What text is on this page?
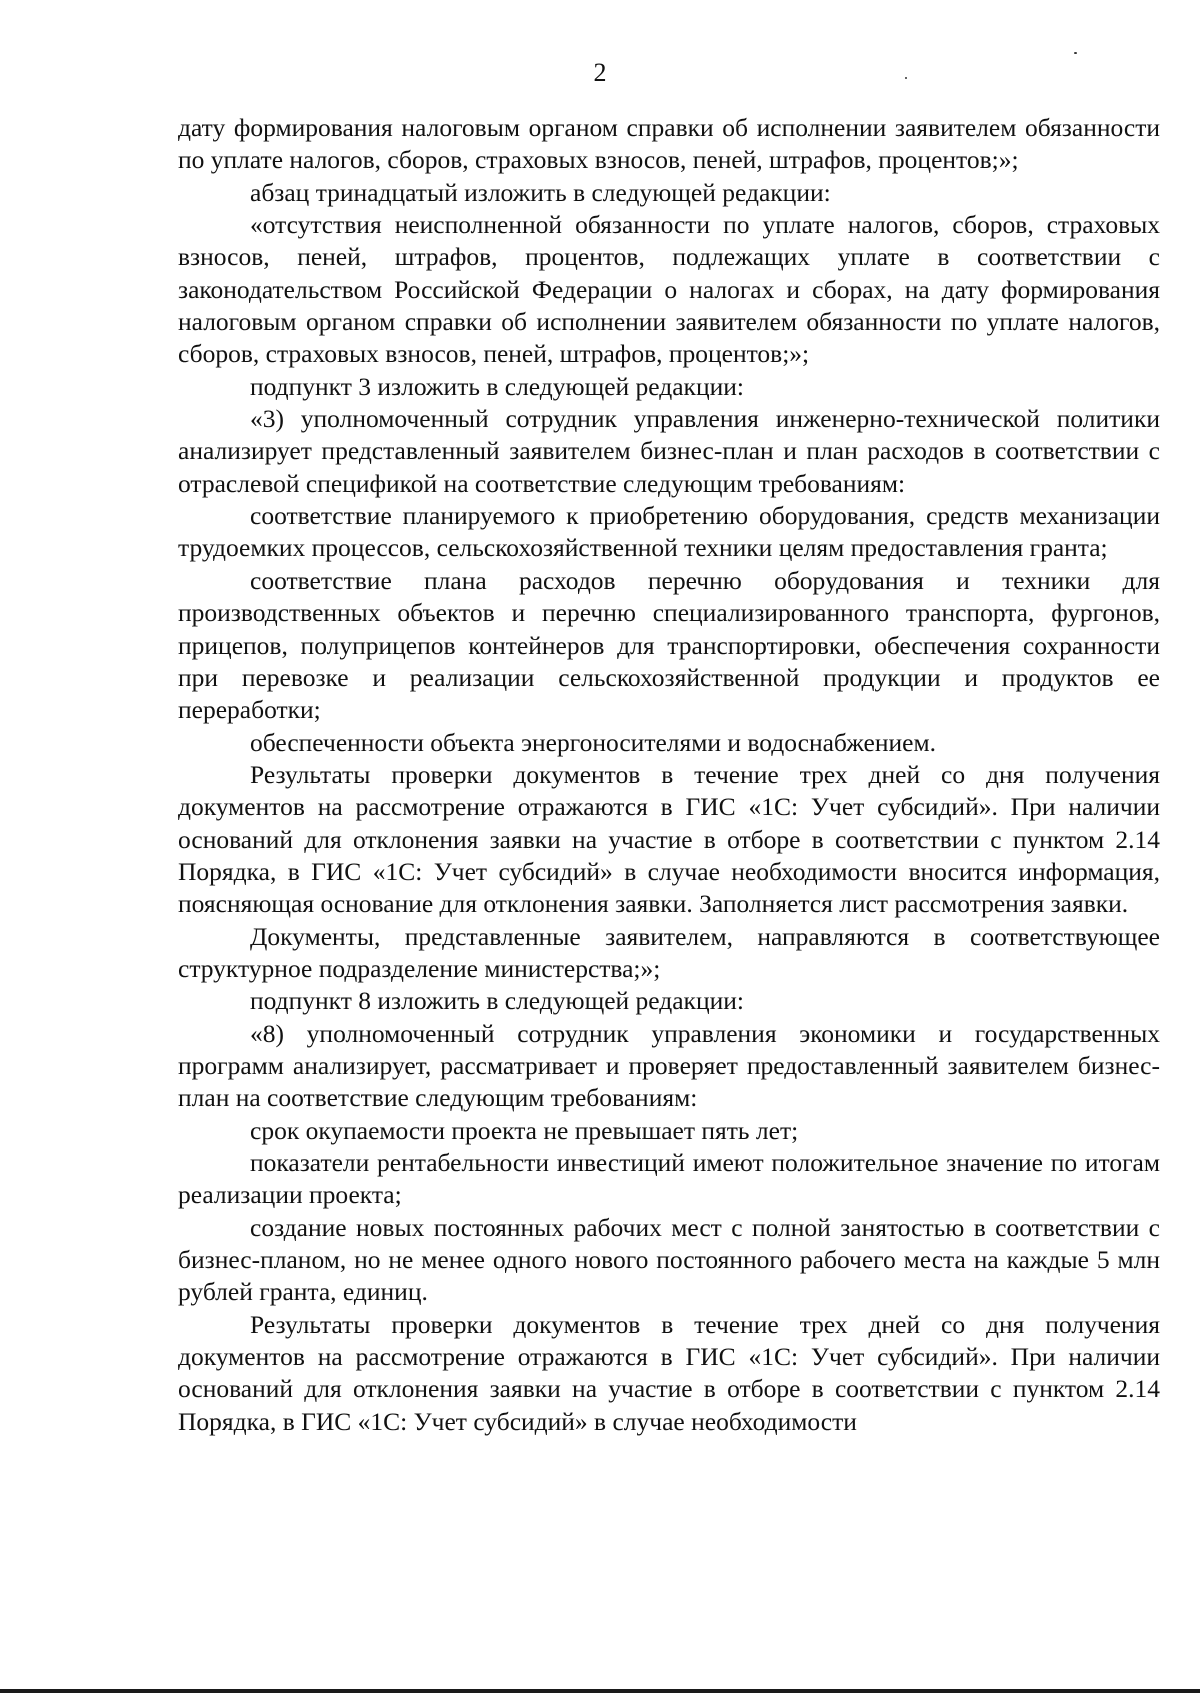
2

дату формирования налоговым органом справки об исполнении заявителем обязанности по уплате налогов, сборов, страховых взносов, пеней, штрафов, процентов;»;

абзац тринадцатый изложить в следующей редакции:

«отсутствия неисполненной обязанности по уплате налогов, сборов, страховых взносов, пеней, штрафов, процентов, подлежащих уплате в соответствии с законодательством Российской Федерации о налогах и сборах, на дату формирования налоговым органом справки об исполнении заявителем обязанности по уплате налогов, сборов, страховых взносов, пеней, штрафов, процентов;»;

подпункт 3 изложить в следующей редакции:

«3) уполномоченный сотрудник управления инженерно-технической политики анализирует представленный заявителем бизнес-план и план расходов в соответствии с отраслевой спецификой на соответствие следующим требованиям:

соответствие планируемого к приобретению оборудования, средств механизации трудоемких процессов, сельскохозяйственной техники целям предоставления гранта;

соответствие плана расходов перечню оборудования и техники для производственных объектов и перечню специализированного транспорта, фургонов, прицепов, полуприцепов контейнеров для транспортировки, обеспечения сохранности при перевозке и реализации сельскохозяйственной продукции и продуктов ее переработки;

обеспеченности объекта энергоносителями и водоснабжением.

Результаты проверки документов в течение трех дней со дня получения документов на рассмотрение отражаются в ГИС «1С: Учет субсидий». При наличии оснований для отклонения заявки на участие в отборе в соответствии с пунктом 2.14 Порядка, в ГИС «1С: Учет субсидий» в случае необходимости вносится информация, поясняющая основание для отклонения заявки. Заполняется лист рассмотрения заявки.

Документы, представленные заявителем, направляются в соответствующее структурное подразделение министерства;»;

подпункт 8 изложить в следующей редакции:

«8) уполномоченный сотрудник управления экономики и государственных программ анализирует, рассматривает и проверяет предоставленный заявителем бизнес-план на соответствие следующим требованиям:

срок окупаемости проекта не превышает пять лет;

показатели рентабельности инвестиций имеют положительное значение по итогам реализации проекта;

создание новых постоянных рабочих мест с полной занятостью в соответствии с бизнес-планом, но не менее одного нового постоянного рабочего места на каждые 5 млн рублей гранта, единиц.

Результаты проверки документов в течение трех дней со дня получения документов на рассмотрение отражаются в ГИС «1С: Учет субсидий». При наличии оснований для отклонения заявки на участие в отборе в соответствии с пунктом 2.14 Порядка, в ГИС «1С: Учет субсидий» в случае необходимости
